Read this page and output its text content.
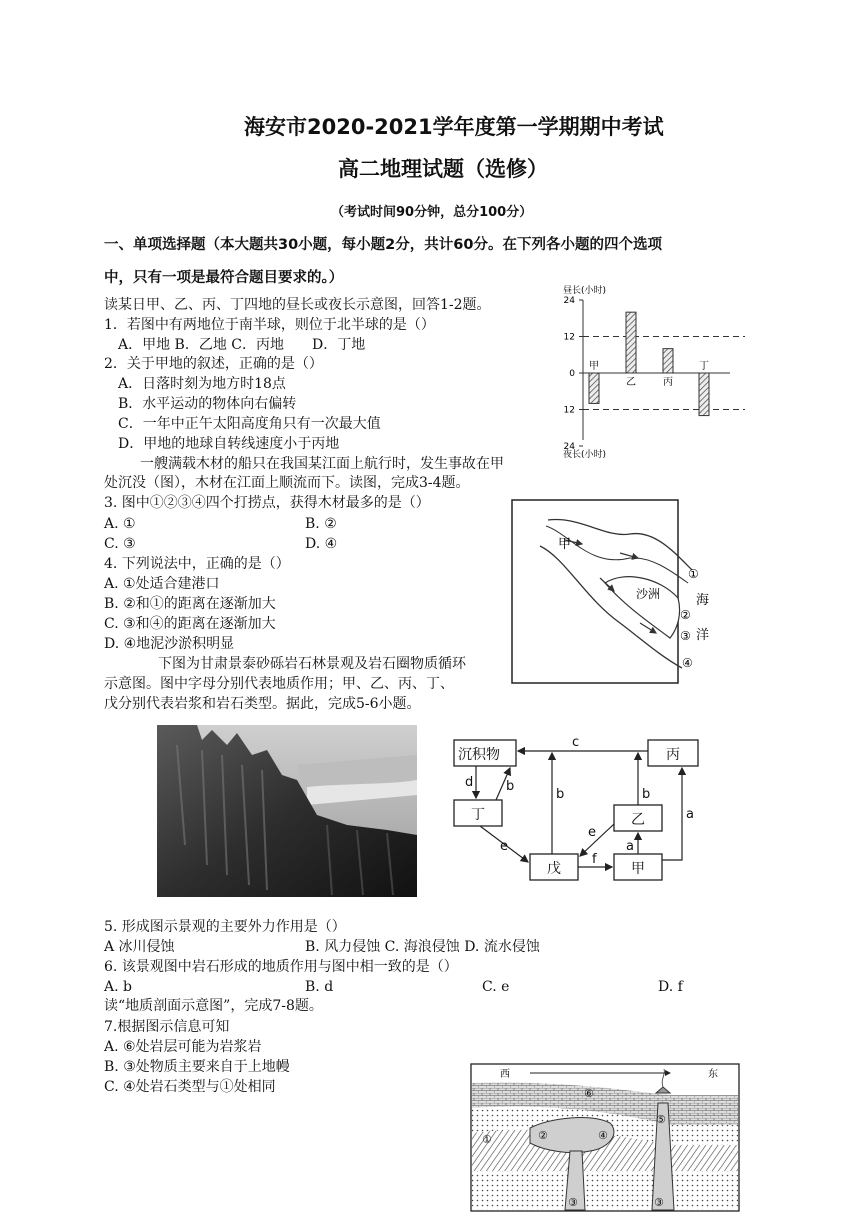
海安市2020-2021学年度第一学期期中考试
高二地理试题（选修）
（考试时间90分钟，总分100分）
一、单项选择题（本大题共30小题，每小题2分，共计60分。在下列各小题的四个选项
中，只有一项是最符合题目要求的。）
读某日甲、乙、丙、丁四地的昼长或夜长示意图，回答1-2题。
1．若图中有两地位于南半球，则位于北半球的是（）
A．甲地 B．乙地 C．丙地　　D．丁地
2．关于甲地的叙述，正确的是（）
A．日落时刻为地方时18点
B．水平运动的物体向右偏转
C．一年中正午太阳高度角只有一次最大值
D．甲地的地球自转线速度小于丙地
昼长(小时)
夜长(小时)
24
12
0
12
24
甲
乙	丙
丁
一艘满载木材的船只在我国某江面上航行时，发生事故在甲
处沉没（图），木材在江面上顺流而下。读图，完成3-4题。
3. 图中①②③④四个打捞点，获得木材最多的是（）
A. ①	B. ②
C. ③	D. ④
4. 下列说法中，正确的是（）
A. ①处适合建港口
B. ②和①的距离在逐渐加大
C. ③和④的距离在逐渐加大
D. ④地泥沙淤积明显
甲
沙洲
①
②
③
④
海
洋
下图为甘肃景泰砂砾岩石林景观及岩石圈物质循环
示意图。图中字母分别代表地质作用；甲、乙、丙、丁、
戊分别代表岩浆和岩石类型。据此，完成5-6小题。
沉积物	丙
丁	乙
戊	甲
c
d	b
b	b
e
e
f
a
a
5. 形成图示景观的主要外力作用是（）
A 冰川侵蚀	B. 风力侵蚀 C. 海浪侵蚀 D. 流水侵蚀
6. 该景观图中岩石形成的地质作用与图中相一致的是（）
A. b	B. d	C. e	D. f
读“地质剖面示意图”，完成7-8题。
7.根据图示信息可知
A. ⑥处岩层可能为岩浆岩
B. ③处物质主要来自于上地幔
C. ④处岩石类型与①处相同
西	东
①	②
③	③
④
⑤
⑥
